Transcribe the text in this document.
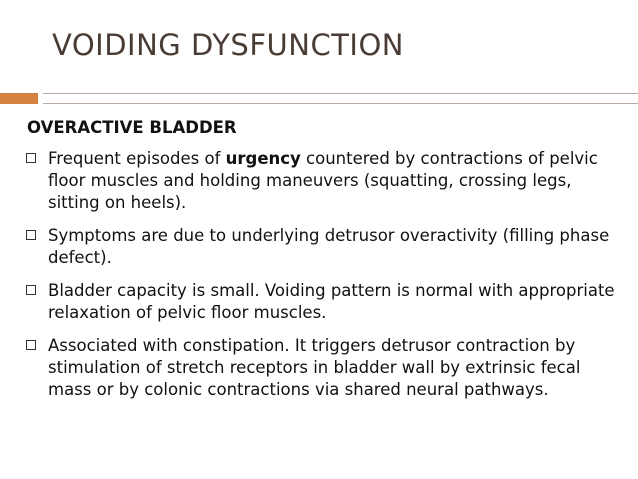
VOIDING DYSFUNCTION
OVERACTIVE BLADDER
Frequent episodes of urgency countered by contractions of pelvic floor muscles and holding maneuvers (squatting, crossing legs, sitting on heels).
Symptoms are due to underlying detrusor overactivity (filling phase defect).
Bladder capacity is small. Voiding pattern is normal with appropriate relaxation of pelvic floor muscles.
Associated with constipation. It triggers detrusor contraction by stimulation of stretch receptors in bladder wall by extrinsic fecal mass or by colonic contractions via shared neural pathways.
